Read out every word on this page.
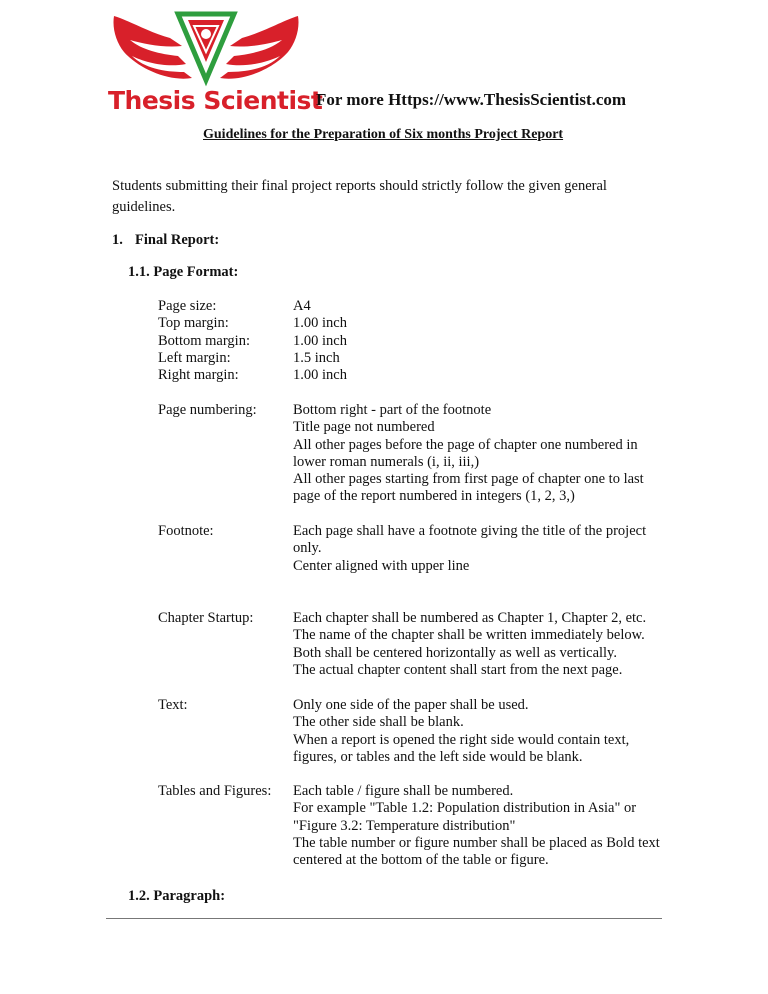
Thesis Scientist
For more Https://www.ThesisScientist.com
Guidelines for the Preparation of Six months Project Report
Students submitting their final project reports should strictly follow the given general guidelines.
1. Final Report:
1.1. Page Format:
Page size:	A4
Top margin:	1.00 inch
Bottom margin:	1.00 inch
Left margin:	1.5 inch
Right margin:	1.00 inch
Page numbering:	Bottom right - part of the footnote
Title page not numbered
All other pages before the page of chapter one numbered in
lower roman numerals (i, ii, iii,)
All other pages starting from first page of chapter one to last
page of the report numbered in integers (1, 2, 3,)
Footnote:	Each page shall have a footnote giving the title of the project
only.
Center aligned with upper line
Chapter Startup:	Each chapter shall be numbered as Chapter 1, Chapter 2, etc.
The name of the chapter shall be written immediately below.
Both shall be centered horizontally as well as vertically.
The actual chapter content shall start from the next page.
Text:	Only one side of the paper shall be used.
The other side shall be blank.
When a report is opened the right side would contain text,
figures, or tables and the left side would be blank.
Tables and Figures:	Each table / figure shall be numbered.
For example "Table 1.2: Population distribution in Asia" or
"Figure 3.2: Temperature distribution"
The table number or figure number shall be placed as Bold text
centered at the bottom of the table or figure.
1.2. Paragraph:
